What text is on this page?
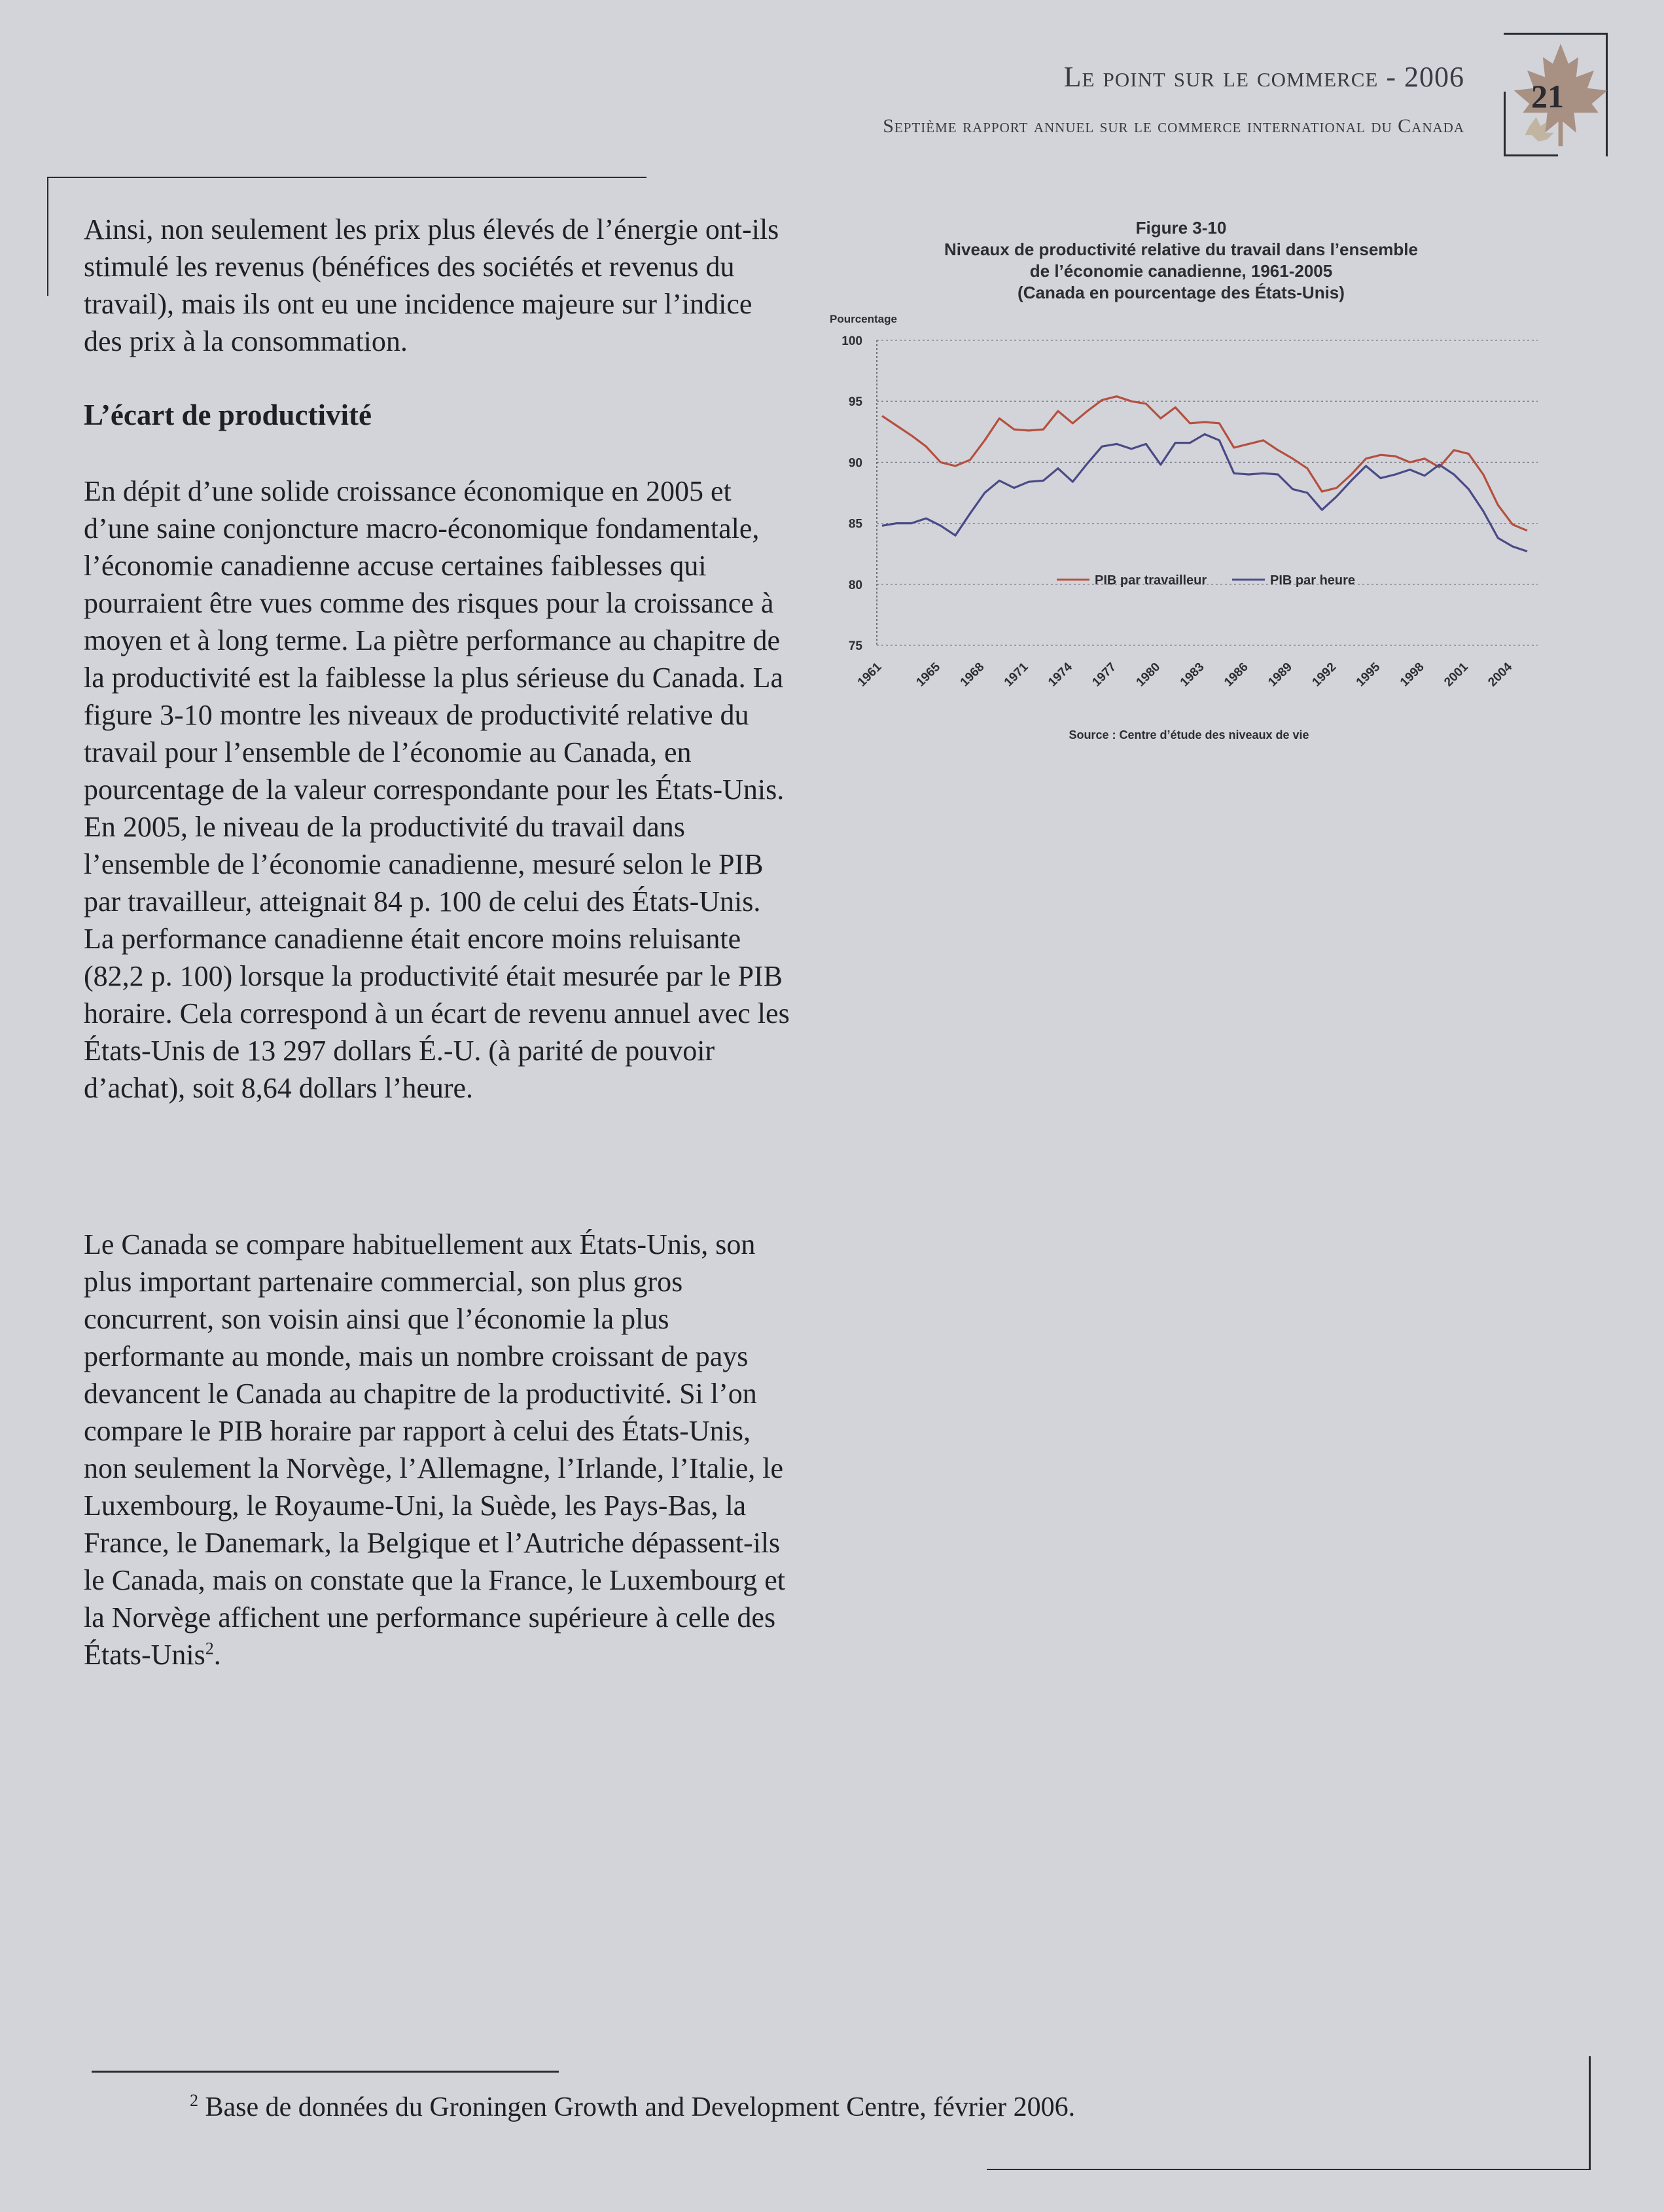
Le point sur le commerce - 2006
Septième rapport annuel sur le commerce international du Canada
21
Ainsi, non seulement les prix plus élevés de l’énergie ont-ils stimulé les revenus (bénéfices des sociétés et revenus du travail), mais ils ont eu une incidence majeure sur l’indice des prix à la consommation.
L’écart de productivité
En dépit d’une solide croissance économique en 2005 et d’une saine conjoncture macro-économique fondamentale, l’économie canadienne accuse certaines faiblesses qui pourraient être vues comme des risques pour la croissance à moyen et à long terme. La piètre performance au chapitre de la productivité est la faiblesse la plus sérieuse du Canada. La figure 3-10 montre les niveaux de productivité relative du travail pour l’ensemble de l’économie au Canada, en pourcentage de la valeur correspondante pour les États-Unis. En 2005, le niveau de la productivité du travail dans l’ensemble de l’économie canadienne, mesuré selon le PIB par travailleur, atteignait 84 p. 100 de celui des États-Unis. La performance canadienne était encore moins reluisante (82,2 p. 100) lorsque la productivité était mesurée par le PIB horaire. Cela correspond à un écart de revenu annuel avec les États-Unis de 13 297 dollars É.-U. (à parité de pouvoir d’achat), soit 8,64 dollars l’heure.
Le Canada se compare habituellement aux États-Unis, son plus important partenaire commercial, son plus gros concurrent, son voisin ainsi que l’économie la plus performante au monde, mais un nombre croissant de pays devancent le Canada au chapitre de la productivité. Si l’on compare le PIB horaire par rapport à celui des États-Unis, non seulement la Norvège, l’Allemagne, l’Irlande, l’Italie, le Luxembourg, le Royaume-Uni, la Suède, les Pays-Bas, la France, le Danemark, la Belgique et l’Autriche dépassent-ils le Canada, mais on constate que la France, le Luxembourg et la Norvège affichent une performance supérieure à celle des États-Unis$^2$.
Figure 3-10
Niveaux de productivité relative du travail dans l’ensemble
de l’économie canadienne, 1961-2005
(Canada en pourcentage des États-Unis)
Pourcentage
75
80
85
90
95
100
1961 1965 1968 1971 1974 1977 1980 1983 1986 1989 1992 1995 1998 2001 2004
PIB par travailleur	PIB par heure
Source : Centre d’étude des niveaux de vie
$^2$ Base de données du Groningen Growth and Development Centre, février 2006.
